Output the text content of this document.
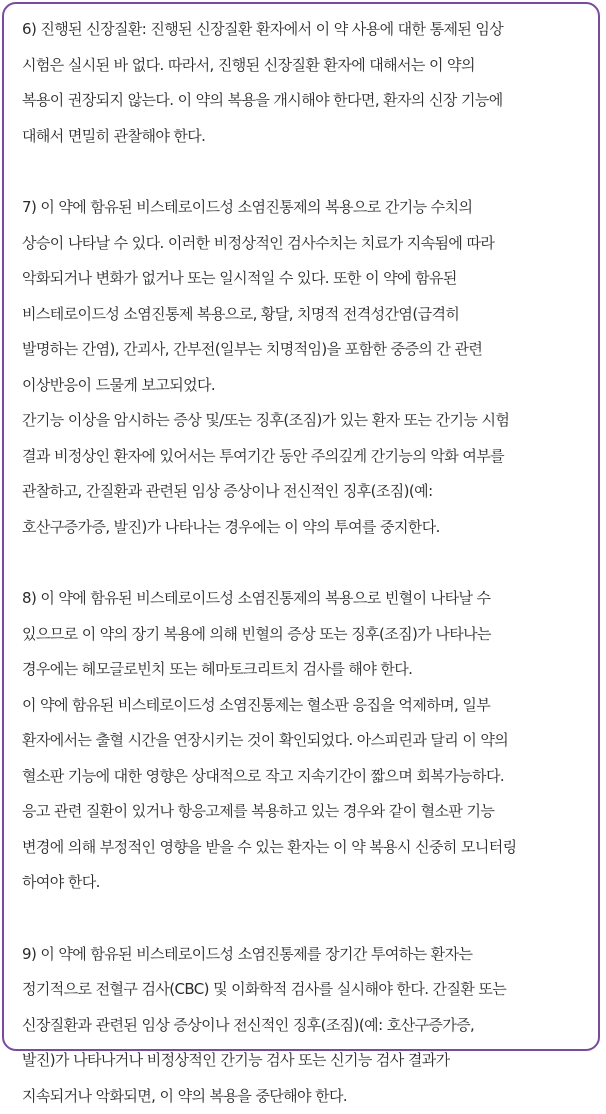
6) 진행된 신장질환: 진행된 신장질환 환자에서 이 약 사용에 대한 통제된 임상
시험은 실시된 바 없다. 따라서, 진행된 신장질환 환자에 대해서는 이 약의
복용이 권장되지 않는다. 이 약의 복용을 개시해야 한다면, 환자의 신장 기능에
대해서 면밀히 관찰해야 한다.
7) 이 약에 함유된 비스테로이드성 소염진통제의 복용으로 간기능 수치의
상승이 나타날 수 있다. 이러한 비정상적인 검사수치는 치료가 지속됨에 따라
악화되거나 변화가 없거나 또는 일시적일 수 있다. 또한 이 약에 함유된
비스테로이드성 소염진통제 복용으로, 황달, 치명적 전격성간염(급격히
발명하는 간염), 간괴사, 간부전(일부는 치명적임)을 포함한 중증의 간 관련
이상반응이 드물게 보고되었다.
간기능 이상을 암시하는 증상 및/또는 징후(조짐)가 있는 환자 또는 간기능 시험
결과 비정상인 환자에 있어서는 투여기간 동안 주의깊게 간기능의 악화 여부를
관찰하고, 간질환과 관련된 임상 증상이나 전신적인 징후(조짐)(예:
호산구증가증, 발진)가 나타나는 경우에는 이 약의 투여를 중지한다.
8) 이 약에 함유된 비스테로이드성 소염진통제의 복용으로 빈혈이 나타날 수
있으므로 이 약의 장기 복용에 의해 빈혈의 증상 또는 징후(조짐)가 나타나는
경우에는 헤모글로빈치 또는 헤마토크리트치 검사를 해야 한다.
이 약에 함유된 비스테로이드성 소염진통제는 혈소판 응집을 억제하며, 일부
환자에서는 출혈 시간을 연장시키는 것이 확인되었다. 아스피린과 달리 이 약의
혈소판 기능에 대한 영향은 상대적으로 작고 지속기간이 짧으며 회복가능하다.
응고 관련 질환이 있거나 항응고제를 복용하고 있는 경우와 같이 혈소판 기능
변경에 의해 부정적인 영향을 받을 수 있는 환자는 이 약 복용시 신중히 모니터링
하여야 한다.
9) 이 약에 함유된 비스테로이드성 소염진통제를 장기간 투여하는 환자는
정기적으로 전혈구 검사(CBC) 및 이화학적 검사를 실시해야 한다. 간질환 또는
신장질환과 관련된 임상 증상이나 전신적인 징후(조짐)(예: 호산구증가증,
발진)가 나타나거나 비정상적인 간기능 검사 또는 신기능 검사 결과가
지속되거나 악화되면, 이 약의 복용을 중단해야 한다.
